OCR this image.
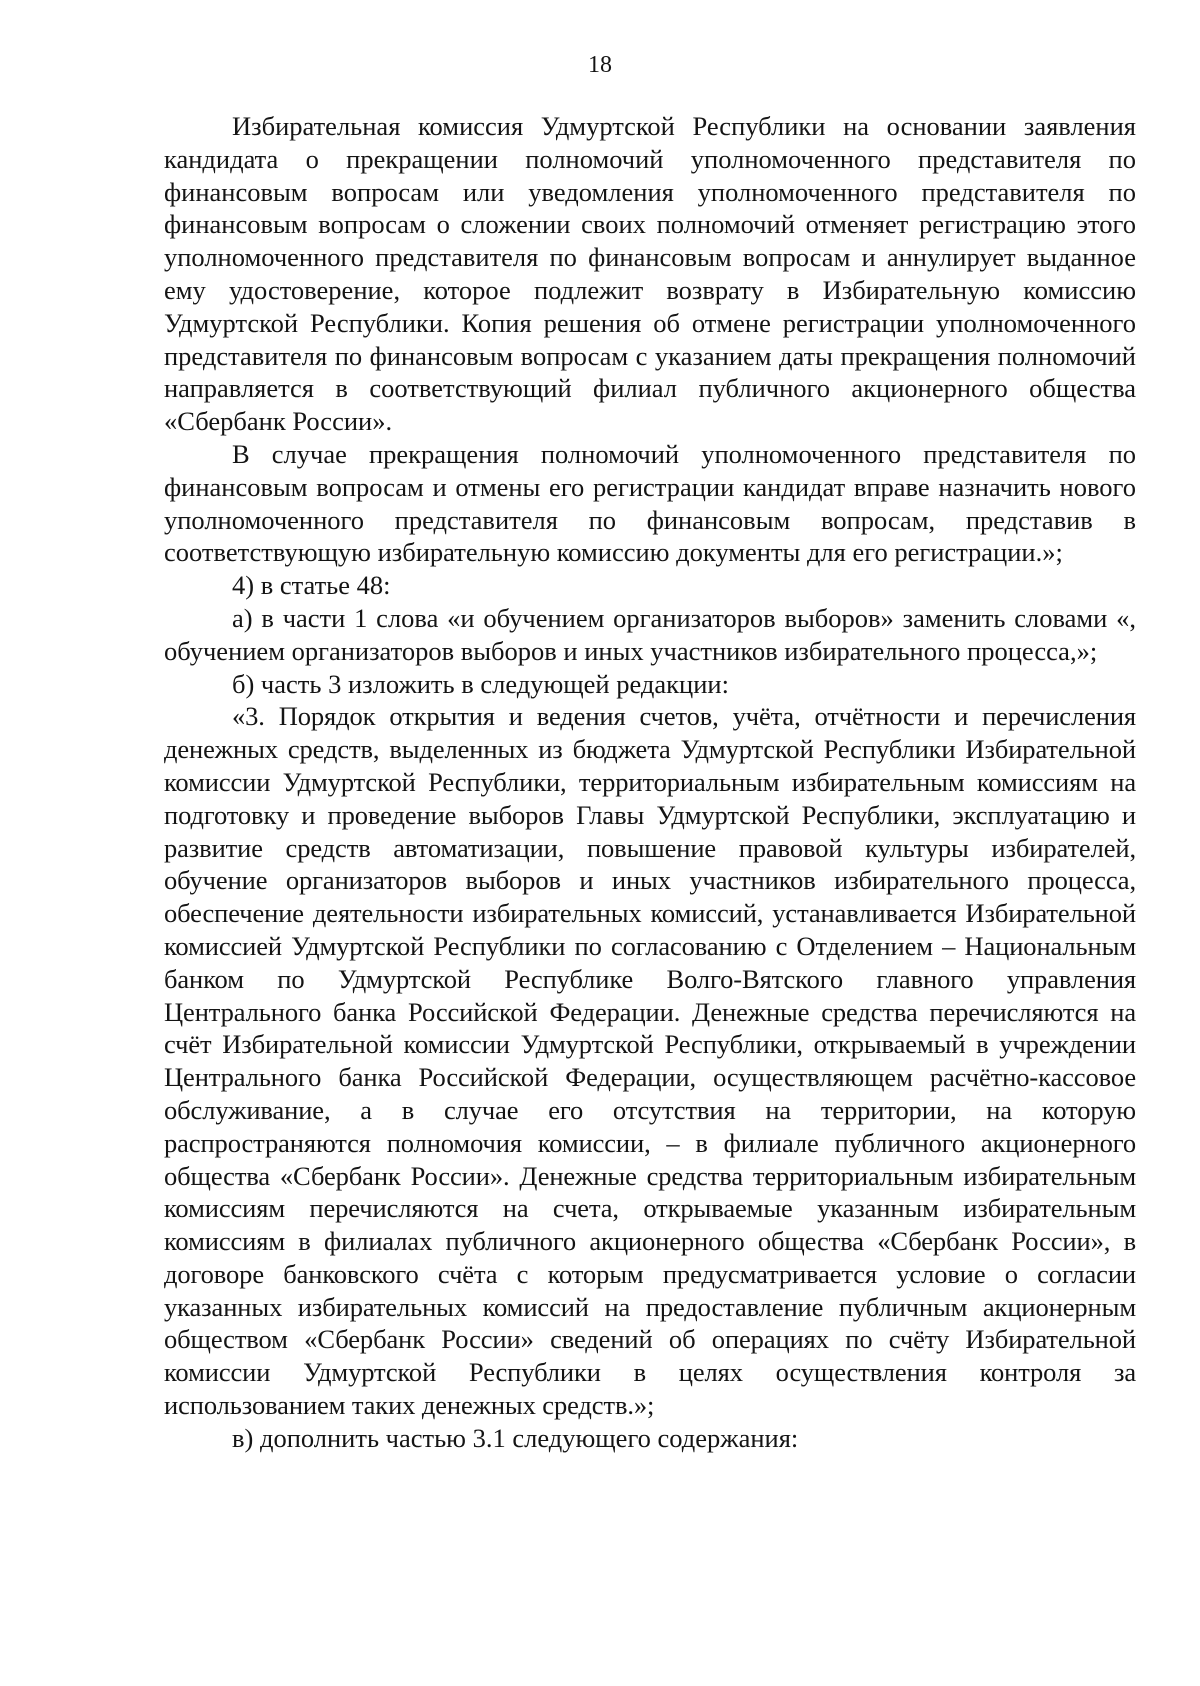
18

Избирательная комиссия Удмуртской Республики на основании заявления кандидата о прекращении полномочий уполномоченного представителя по финансовым вопросам или уведомления уполномоченного представителя по финансовым вопросам о сложении своих полномочий отменяет регистрацию этого уполномоченного представителя по финансовым вопросам и аннулирует выданное ему удостоверение, которое подлежит возврату в Избирательную комиссию Удмуртской Республики. Копия решения об отмене регистрации уполномоченного представителя по финансовым вопросам с указанием даты прекращения полномочий направляется в соответствующий филиал публичного акционерного общества «Сбербанк России».

В случае прекращения полномочий уполномоченного представителя по финансовым вопросам и отмены его регистрации кандидат вправе назначить нового уполномоченного представителя по финансовым вопросам, представив в соответствующую избирательную комиссию документы для его регистрации.»;

4) в статье 48:

а) в части 1 слова «и обучением организаторов выборов» заменить словами «, обучением организаторов выборов и иных участников избирательного процесса,»;

б) часть 3 изложить в следующей редакции:

«3. Порядок открытия и ведения счетов, учёта, отчётности и перечисления денежных средств, выделенных из бюджета Удмуртской Республики Избирательной комиссии Удмуртской Республики, территориальным избирательным комиссиям на подготовку и проведение выборов Главы Удмуртской Республики, эксплуатацию и развитие средств автоматизации, повышение правовой культуры избирателей, обучение организаторов выборов и иных участников избирательного процесса, обеспечение деятельности избирательных комиссий, устанавливается Избирательной комиссией Удмуртской Республики по согласованию с Отделением – Национальным банком по Удмуртской Республике Волго-Вятского главного управления Центрального банка Российской Федерации. Денежные средства перечисляются на счёт Избирательной комиссии Удмуртской Республики, открываемый в учреждении Центрального банка Российской Федерации, осуществляющем расчётно-кассовое обслуживание, а в случае его отсутствия на территории, на которую распространяются полномочия комиссии, – в филиале публичного акционерного общества «Сбербанк России». Денежные средства территориальным избирательным комиссиям перечисляются на счета, открываемые указанным избирательным комиссиям в филиалах публичного акционерного общества «Сбербанк России», в договоре банковского счёта с которым предусматривается условие о согласии указанных избирательных комиссий на предоставление публичным акционерным обществом «Сбербанк России» сведений об операциях по счёту Избирательной комиссии Удмуртской Республики в целях осуществления контроля за использованием таких денежных средств.»;

в) дополнить частью 3.1 следующего содержания:
